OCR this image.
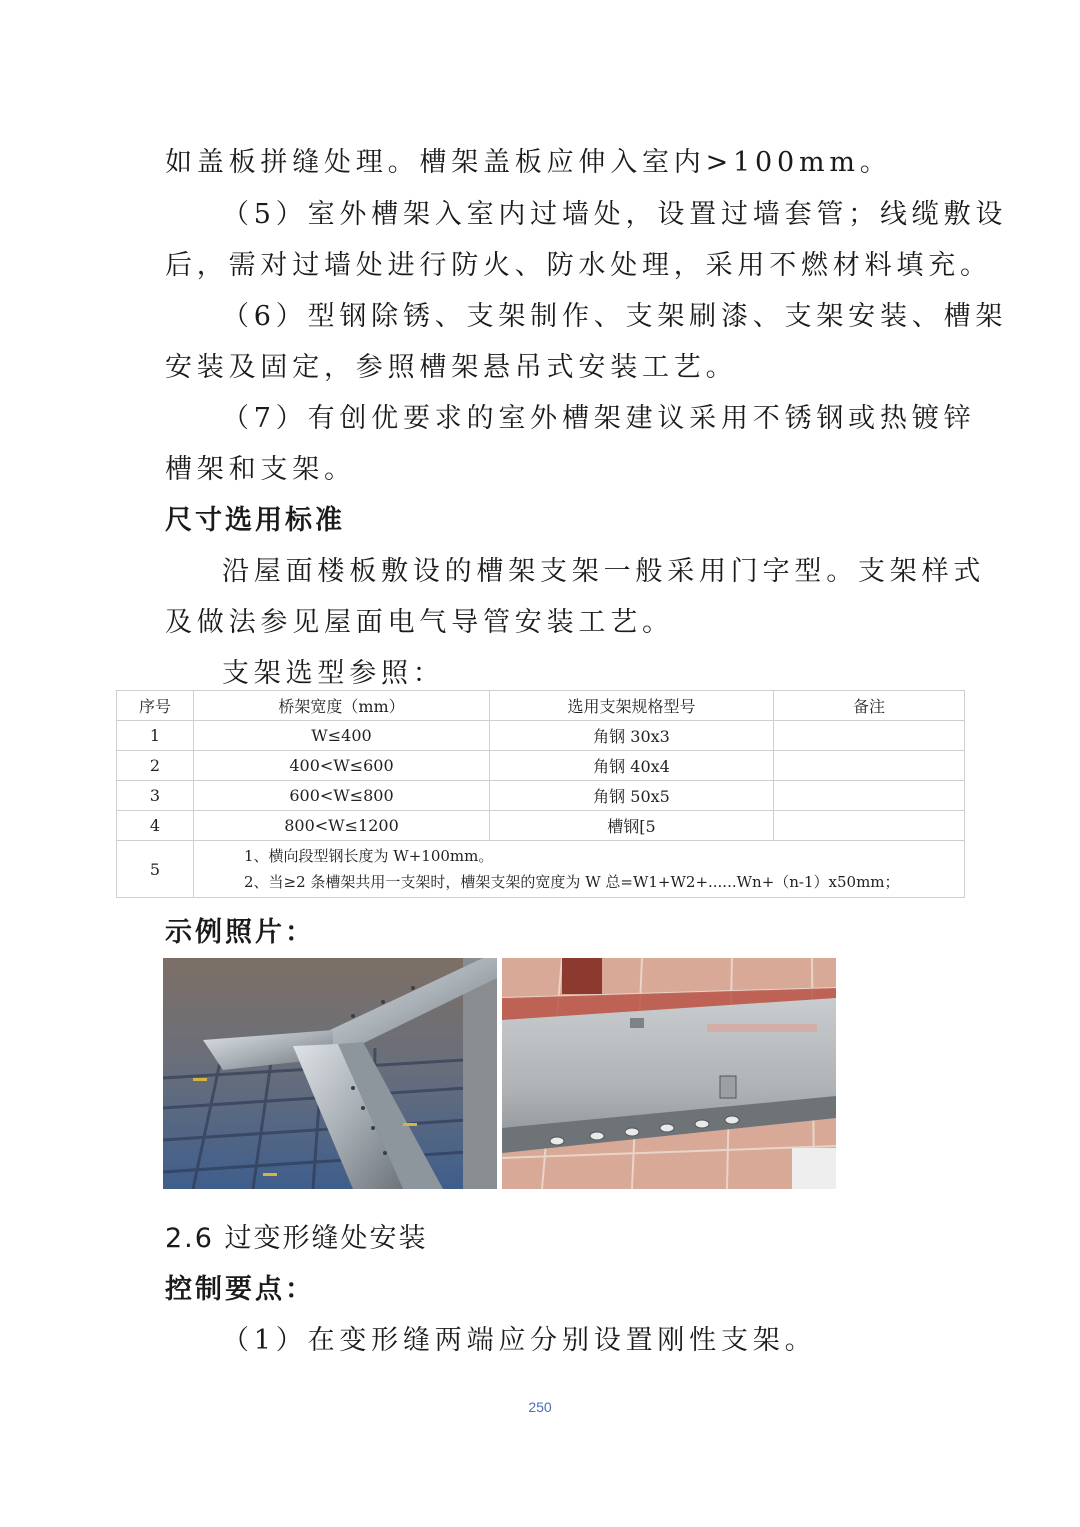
如盖板拼缝处理。槽架盖板应伸入室内>100mm。
（5）室外槽架入室内过墙处，设置过墙套管；线缆敷设
后，需对过墙处进行防火、防水处理，采用不燃材料填充。
（6）型钢除锈、支架制作、支架刷漆、支架安装、槽架
安装及固定，参照槽架悬吊式安装工艺。
（7）有创优要求的室外槽架建议采用不锈钢或热镀锌
槽架和支架。
尺寸选用标准
沿屋面楼板敷设的槽架支架一般采用门字型。支架样式
及做法参见屋面电气导管安装工艺。
支架选型参照：
序号	桥架宽度（mm）	选用支架规格型号	备注
1	W≤400	角钢 30x3	
2	400<W≤600	角钢 40x4	
3	600<W≤800	角钢 50x5	
4	800<W≤1200	槽钢[5	
5	1、横向段型钢长度为 W+100mm。
2、当≥2 条槽架共用一支架时，槽架支架的宽度为 W 总=W1+W2+......Wn+（n-1）x50mm；		
示例照片：
2.6 过变形缝处安装
控制要点：
（1）在变形缝两端应分别设置刚性支架。
250
